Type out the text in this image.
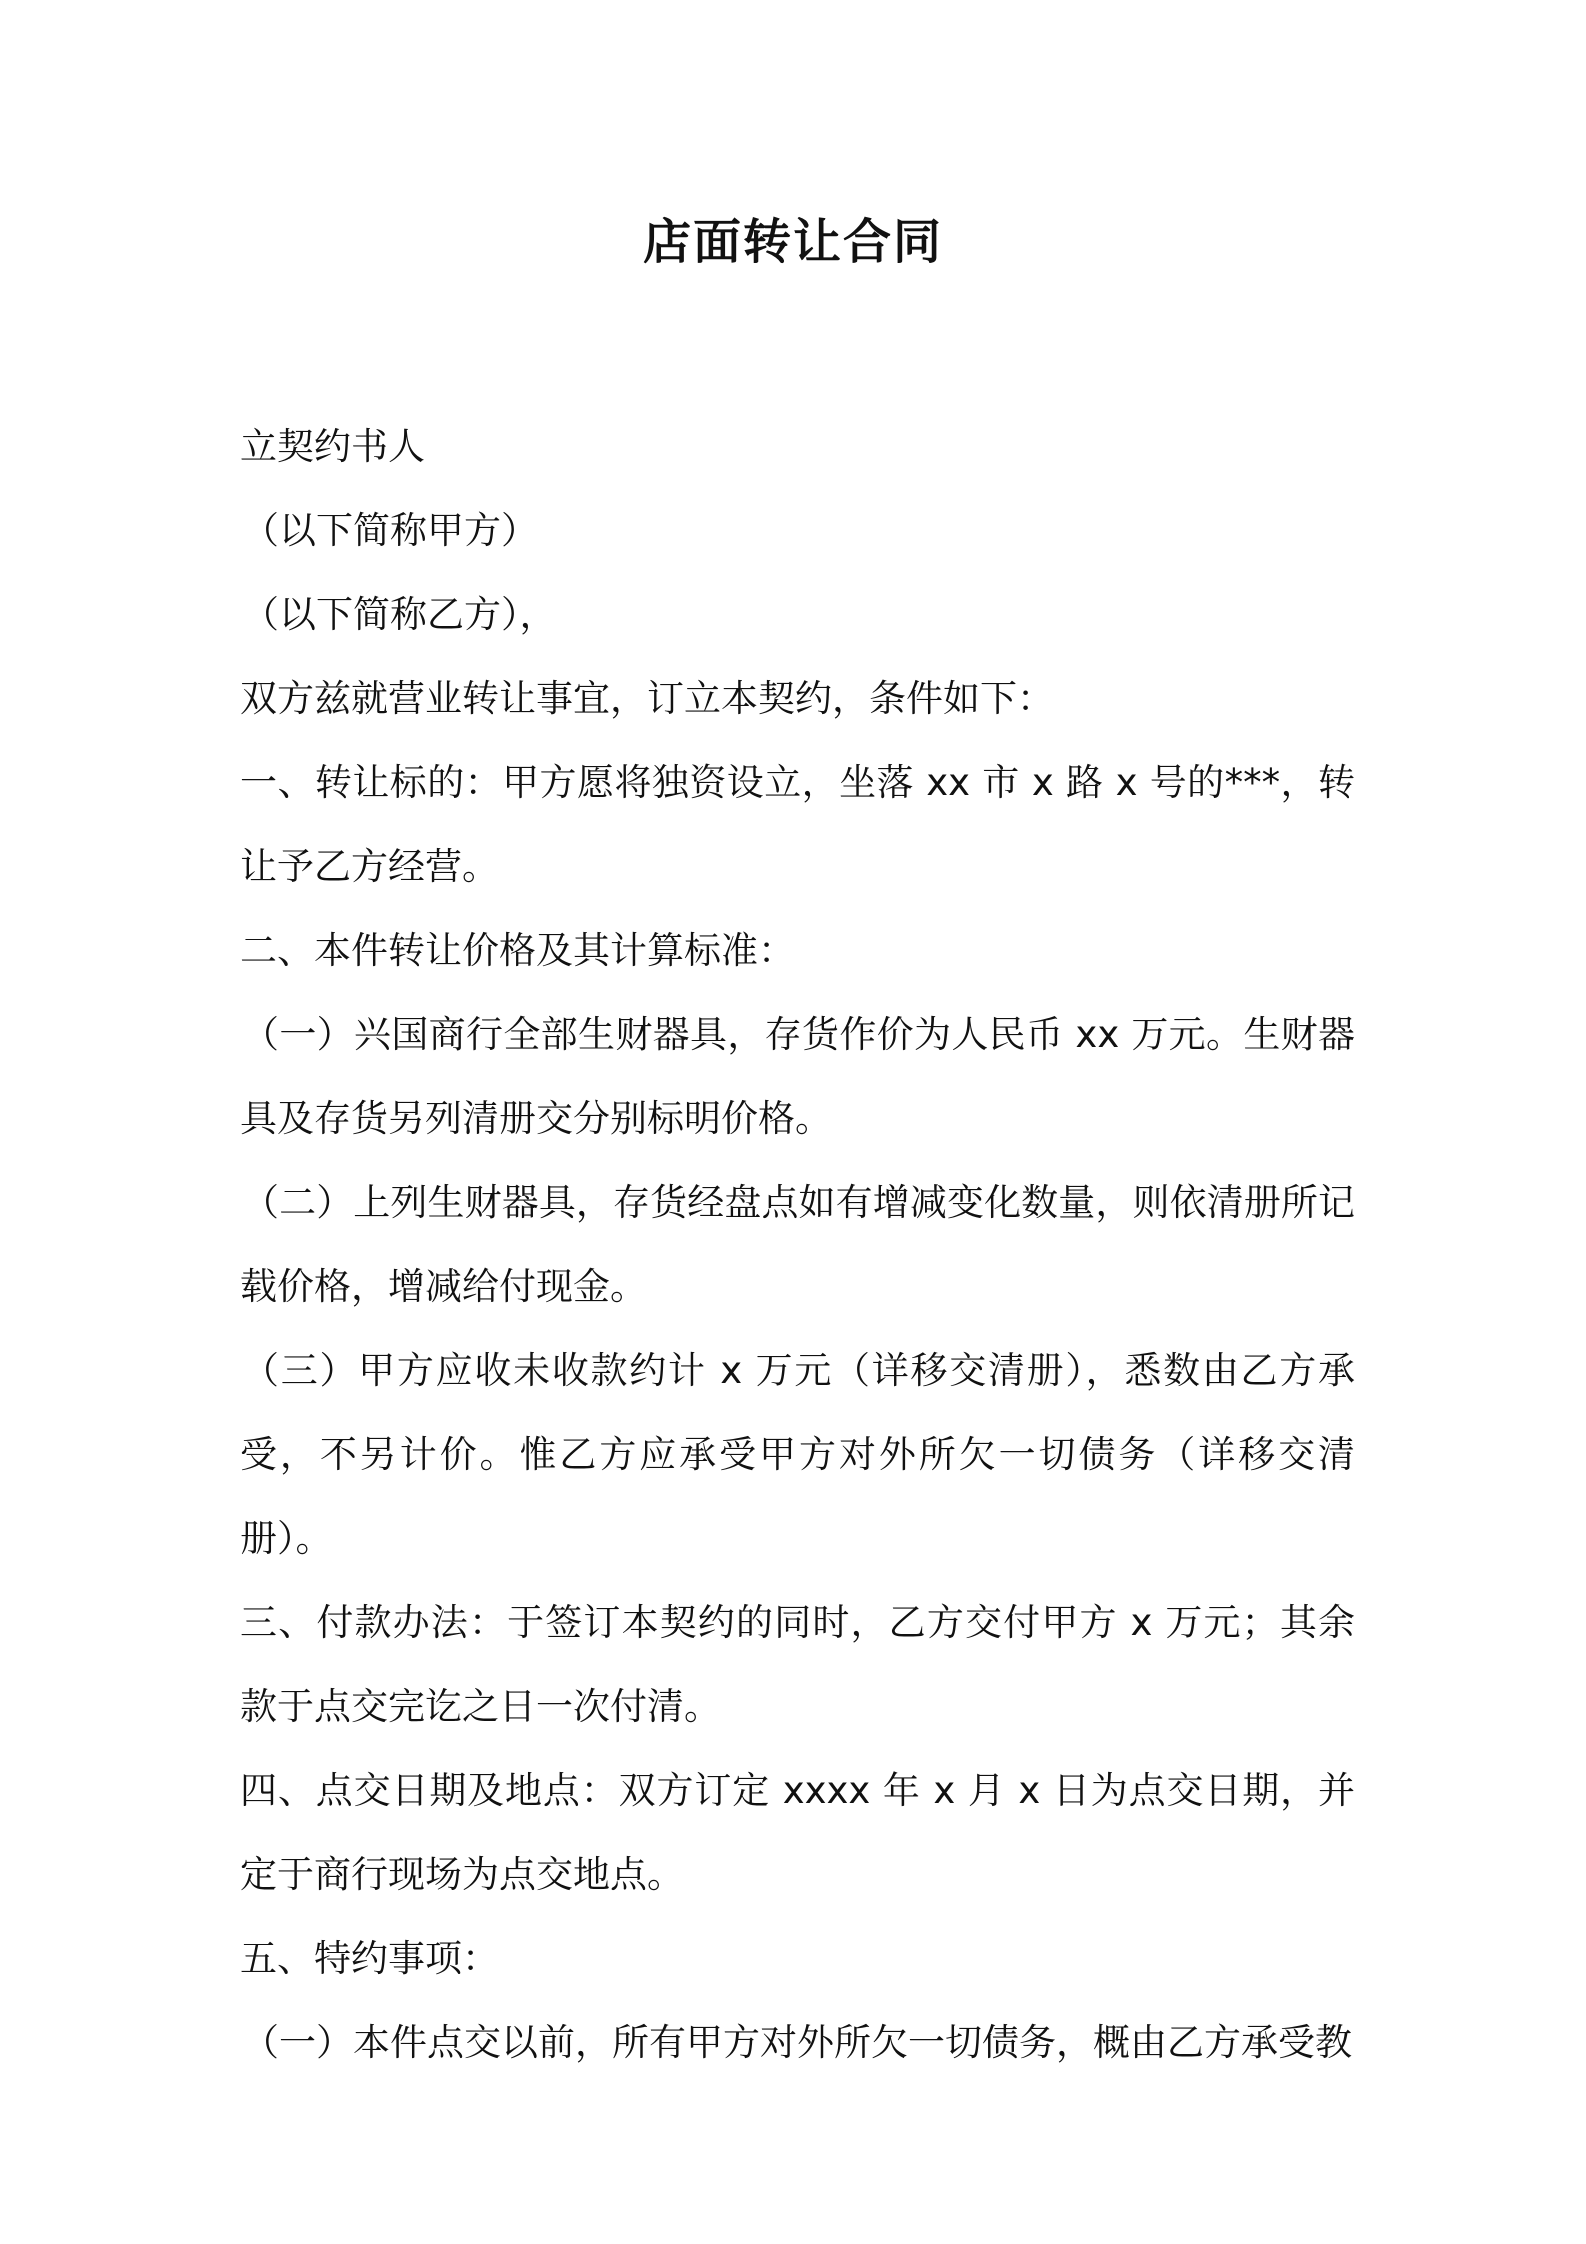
店面转让合同

立契约书人

（以下简称甲方）

（以下简称乙方），

双方兹就营业转让事宜，订立本契约，条件如下：

一、转让标的：甲方愿将独资设立，坐落 xx 市 x 路 x 号的***，转让予乙方经营。

二、本件转让价格及其计算标准：

（一）兴国商行全部生财器具，存货作价为人民币 xx 万元。生财器具及存货另列清册交分别标明价格。

（二）上列生财器具，存货经盘点如有增减变化数量，则依清册所记载价格，增减给付现金。

（三）甲方应收未收款约计 x 万元（详移交清册），悉数由乙方承受，不另计价。惟乙方应承受甲方对外所欠一切债务（详移交清册）。

三、付款办法：于签订本契约的同时，乙方交付甲方 x 万元；其余款于点交完讫之日一次付清。

四、点交日期及地点：双方订定 xxxx 年 x 月 x 日为点交日期，并定于商行现场为点交地点。

五、特约事项：

（一）本件点交以前，所有甲方对外所欠一切债务，概由乙方承受教
